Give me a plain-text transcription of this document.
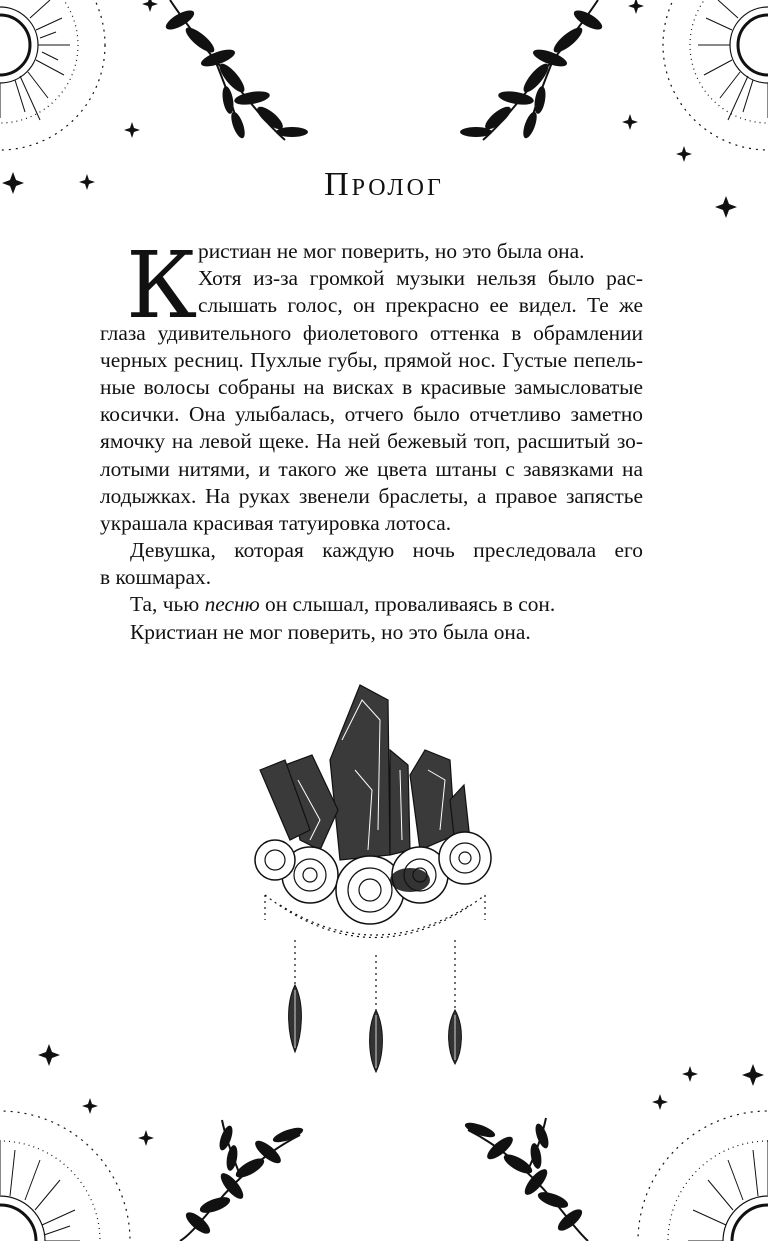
Пролог
К ристиан не мог поверить, но это была она.
Хотя из-за громкой музыки нельзя было рас-
слышать голос, он прекрасно ее видел. Те же
глаза удивительного фиолетового оттенка в обрамлении
черных ресниц. Пухлые губы, прямой нос. Густые пепель-
ные волосы собраны на висках в красивые замысловатые
косички. Она улыбалась, отчего было отчетливо заметно
ямочку на левой щеке. На ней бежевый топ, расшитый зо-
лотыми нитями, и такого же цвета штаны с завязками на
лодыжках. На руках звенели браслеты, а правое запястье
украшала красивая татуировка лотоса.
Девушка, которая каждую ночь преследовала его
в кошмарах.
Та, чью песню он слышал, проваливаясь в сон.
Кристиан не мог поверить, но это была она.
